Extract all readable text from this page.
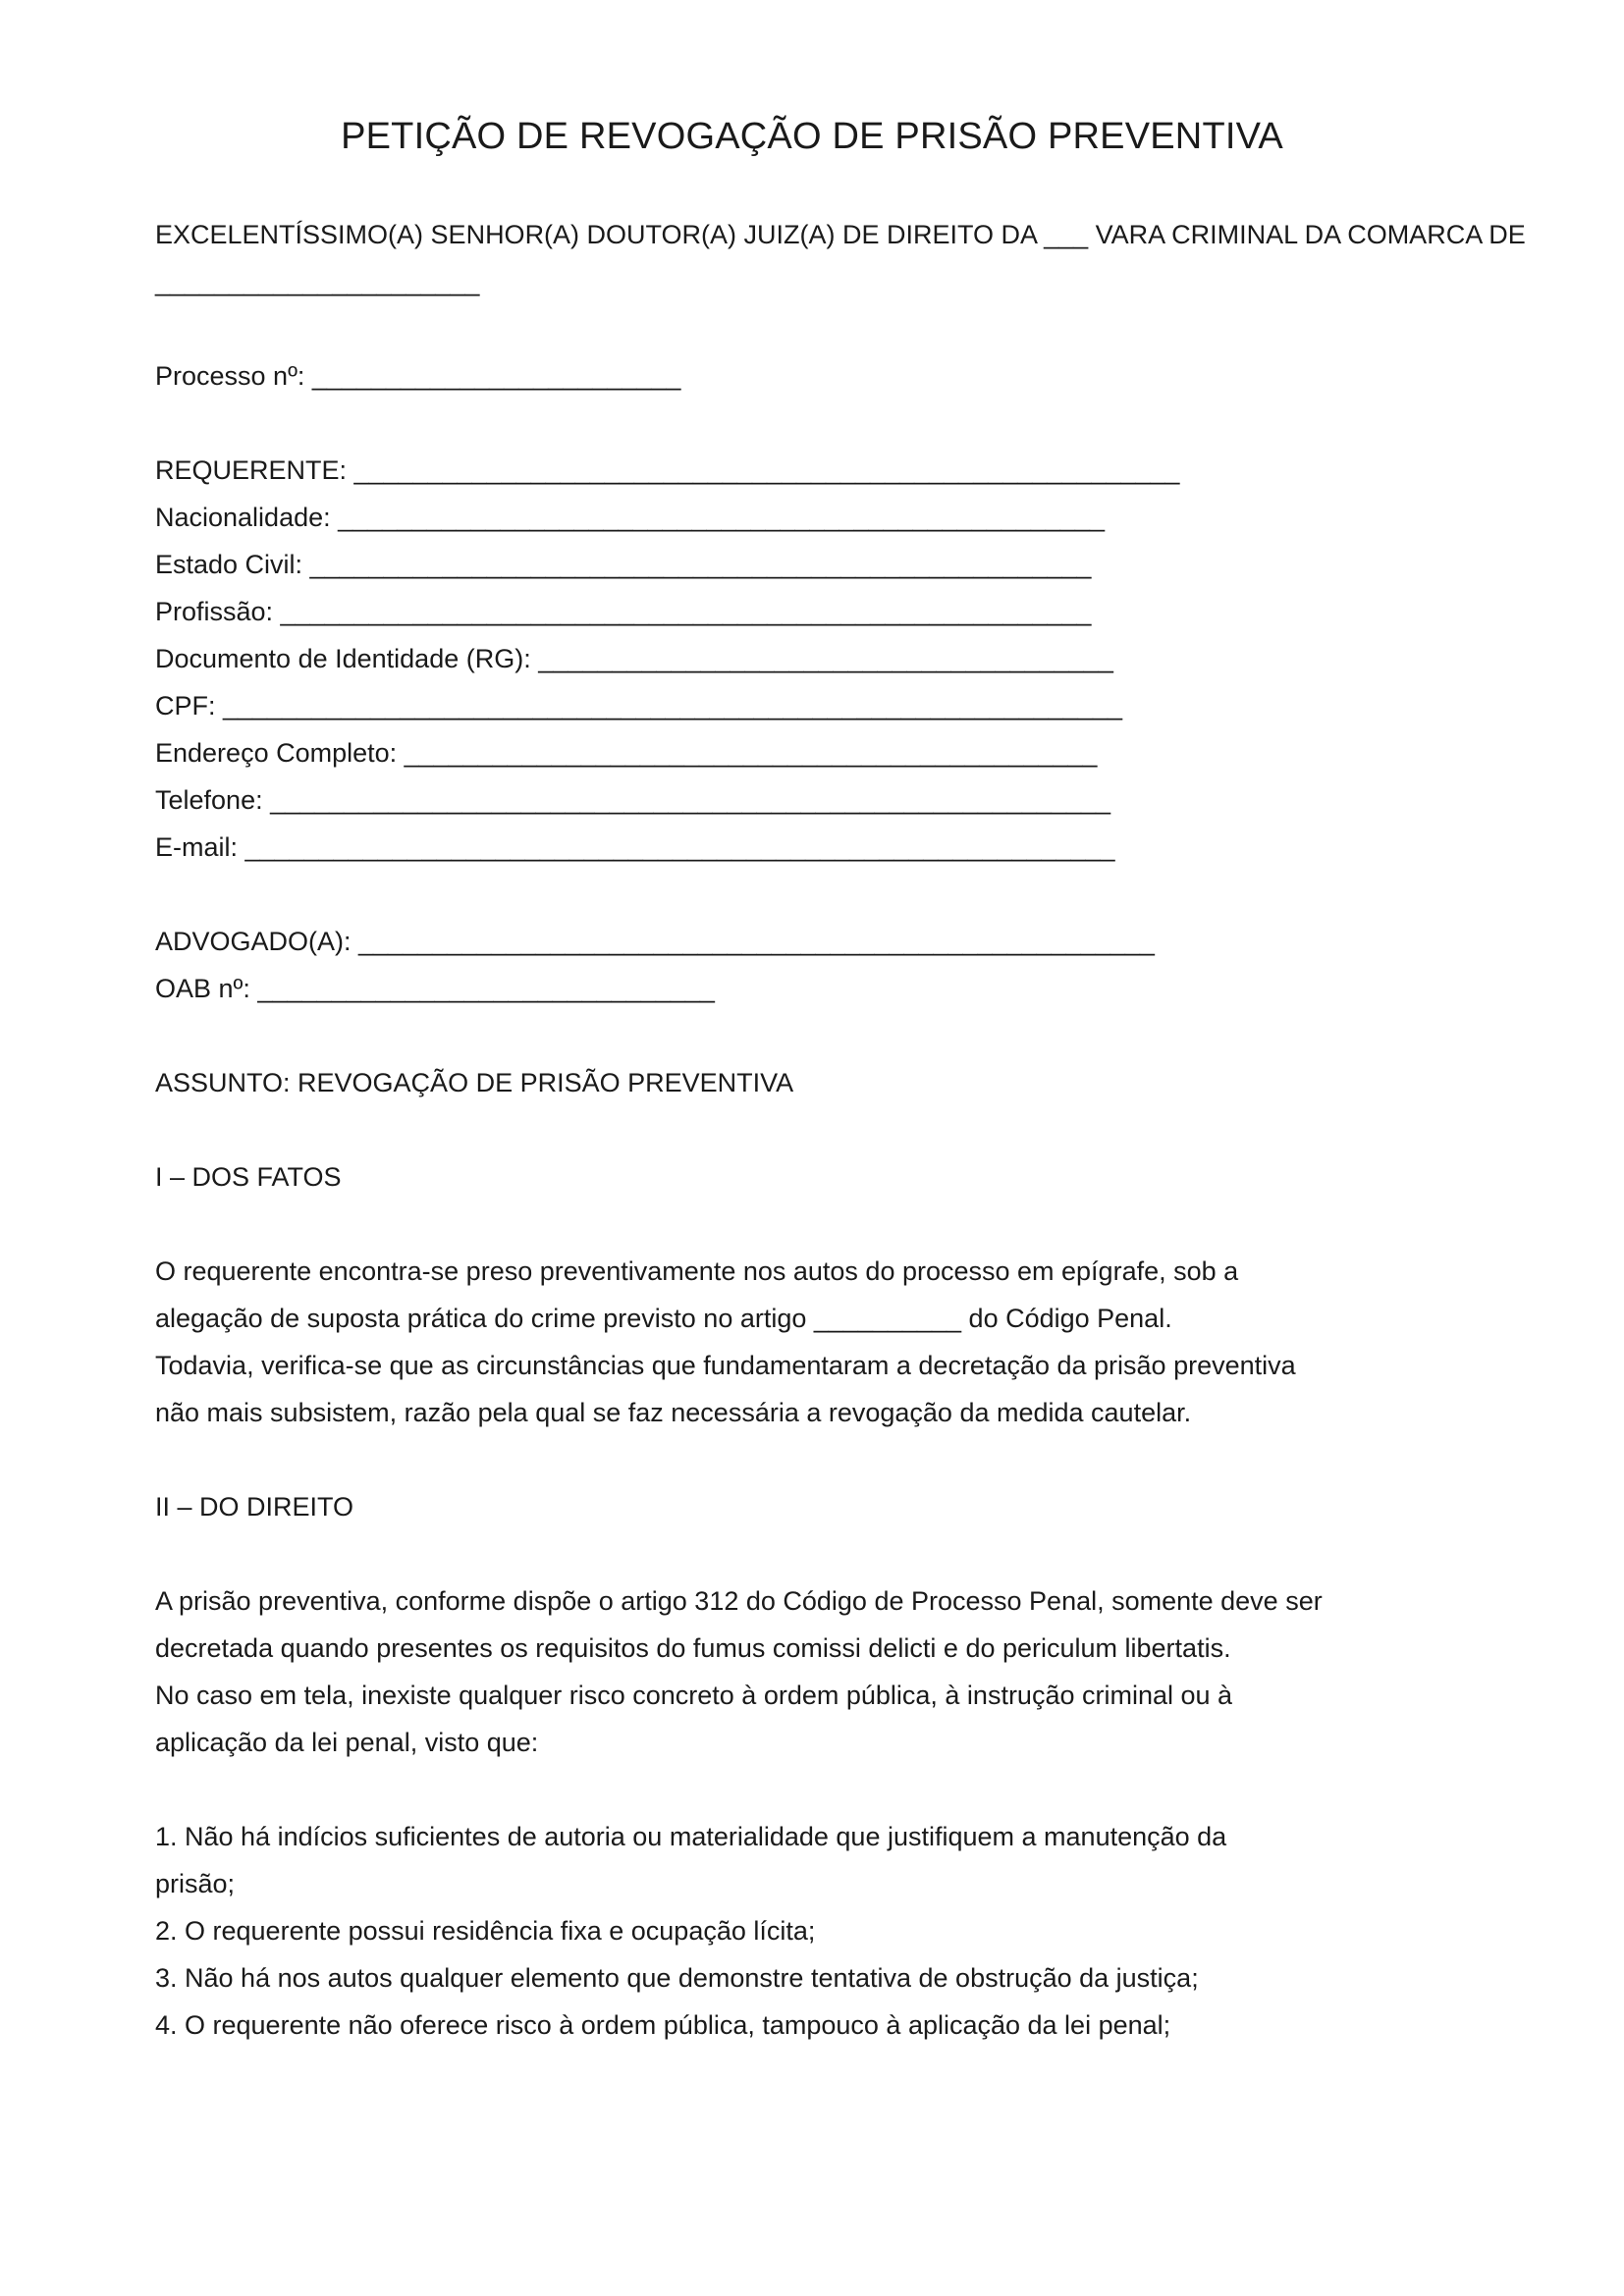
PETIÇÃO DE REVOGAÇÃO DE PRISÃO PREVENTIVA
EXCELENTÍSSIMO(A) SENHOR(A) DOUTOR(A) JUIZ(A) DE DIREITO DA ___ VARA CRIMINAL DA COMARCA DE
______________________
Processo nº: _________________________
REQUERENTE: ________________________________________________________
Nacionalidade: ____________________________________________________
Estado Civil: _____________________________________________________
Profissão: _______________________________________________________
Documento de Identidade (RG): _______________________________________
CPF: _____________________________________________________________
Endereço Completo: _______________________________________________
Telefone: _________________________________________________________
E-mail: ___________________________________________________________
ADVOGADO(A): ______________________________________________________
OAB nº: _______________________________
ASSUNTO: REVOGAÇÃO DE PRISÃO PREVENTIVA
I – DOS FATOS
O requerente encontra-se preso preventivamente nos autos do processo em epígrafe, sob a
alegação de suposta prática do crime previsto no artigo __________ do Código Penal.
Todavia, verifica-se que as circunstâncias que fundamentaram a decretação da prisão preventiva
não mais subsistem, razão pela qual se faz necessária a revogação da medida cautelar.
II – DO DIREITO
A prisão preventiva, conforme dispõe o artigo 312 do Código de Processo Penal, somente deve ser
decretada quando presentes os requisitos do fumus comissi delicti e do periculum libertatis.
No caso em tela, inexiste qualquer risco concreto à ordem pública, à instrução criminal ou à
aplicação da lei penal, visto que:
1. Não há indícios suficientes de autoria ou materialidade que justifiquem a manutenção da
prisão;
2. O requerente possui residência fixa e ocupação lícita;
3. Não há nos autos qualquer elemento que demonstre tentativa de obstrução da justiça;
4. O requerente não oferece risco à ordem pública, tampouco à aplicação da lei penal;
